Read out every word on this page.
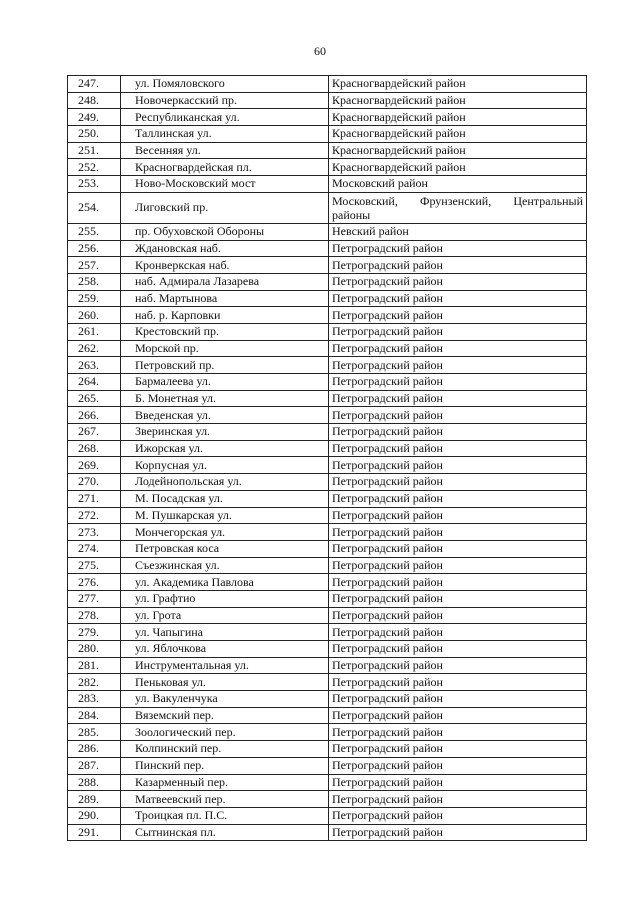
60
247.	ул. Помяловского	Красногвардейский район
248.	Новочеркасский пр.	Красногвардейский район
249.	Республиканская ул.	Красногвардейский район
250.	Таллинская ул.	Красногвардейский район
251.	Весенняя ул.	Красногвардейский район
252.	Красногвардейская пл.	Красногвардейский район
253.	Ново-Московский мост	Московский район
254.	Лиговский пр.	Московский, Фрунзенский, Центральный районы
255.	пр. Обуховской Обороны	Невский район
256.	Ждановская наб.	Петроградский район
257.	Кронверкская наб.	Петроградский район
258.	наб. Адмирала Лазарева	Петроградский район
259.	наб. Мартынова	Петроградский район
260.	наб. р. Карповки	Петроградский район
261.	Крестовский пр.	Петроградский район
262.	Морской пр.	Петроградский район
263.	Петровский пр.	Петроградский район
264.	Бармалеева ул.	Петроградский район
265.	Б. Монетная ул.	Петроградский район
266.	Введенская ул.	Петроградский район
267.	Зверинская ул.	Петроградский район
268.	Ижорская ул.	Петроградский район
269.	Корпусная ул.	Петроградский район
270.	Лодейнопольская ул.	Петроградский район
271.	М. Посадская ул.	Петроградский район
272.	М. Пушкарская ул.	Петроградский район
273.	Мончегорская ул.	Петроградский район
274.	Петровская коса	Петроградский район
275.	Съезжинская ул.	Петроградский район
276.	ул. Академика Павлова	Петроградский район
277.	ул. Графтио	Петроградский район
278.	ул. Грота	Петроградский район
279.	ул. Чапыгина	Петроградский район
280.	ул. Яблочкова	Петроградский район
281.	Инструментальная ул.	Петроградский район
282.	Пеньковая ул.	Петроградский район
283.	ул. Вакуленчука	Петроградский район
284.	Вяземский пер.	Петроградский район
285.	Зоологический пер.	Петроградский район
286.	Колпинский пер.	Петроградский район
287.	Пинский пер.	Петроградский район
288.	Казарменный пер.	Петроградский район
289.	Матвеевский пер.	Петроградский район
290.	Троицкая пл. П.С.	Петроградский район
291.	Сытнинская пл.	Петроградский район
